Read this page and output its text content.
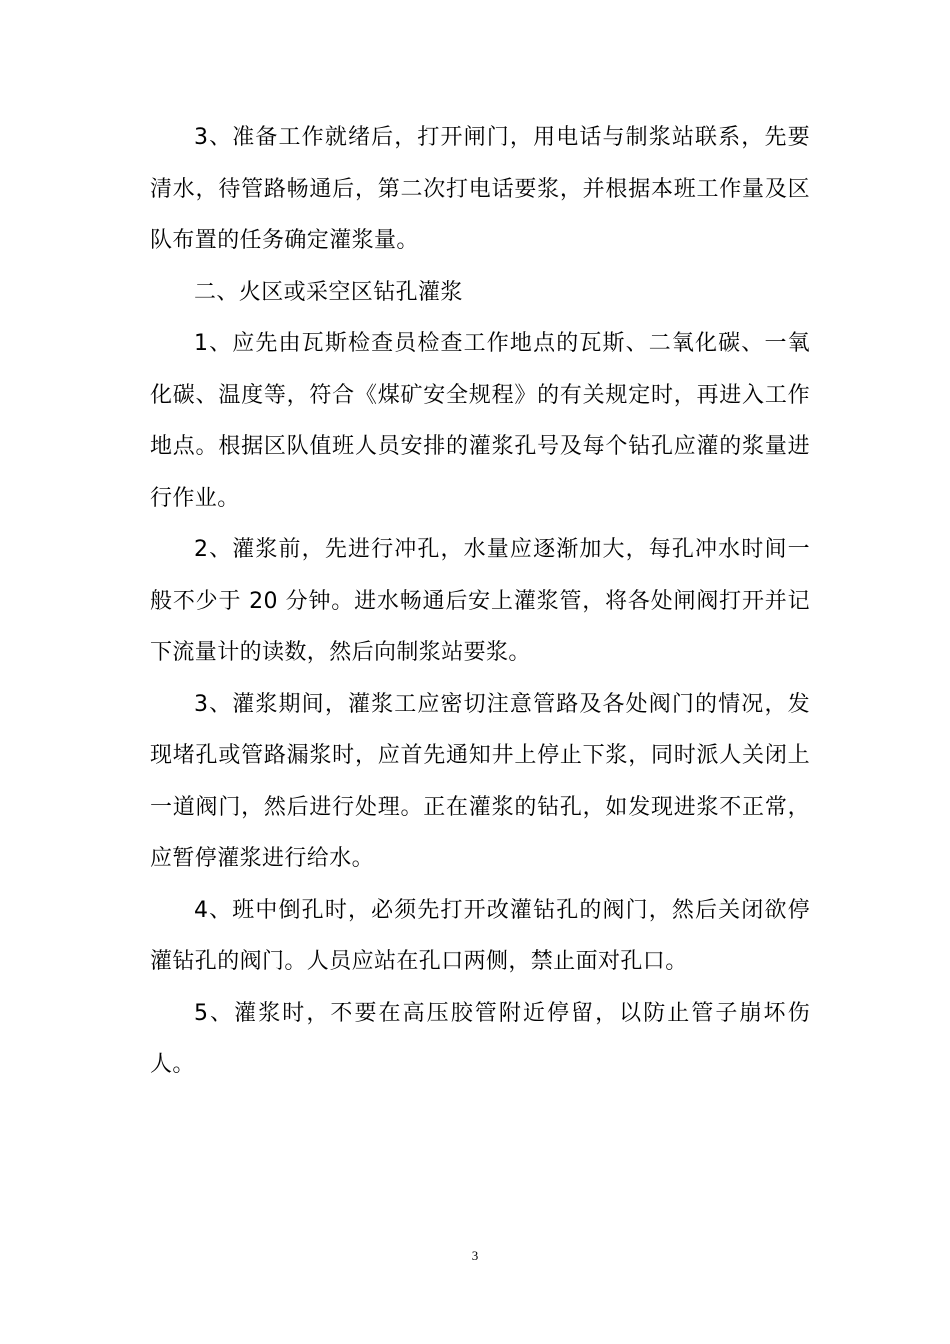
3、准备工作就绪后，打开闸门，用电话与制浆站联系，先要清水，待管路畅通后，第二次打电话要浆，并根据本班工作量及区队布置的任务确定灌浆量。

二、火区或采空区钻孔灌浆

1、应先由瓦斯检查员检查工作地点的瓦斯、二氧化碳、一氧化碳、温度等，符合《煤矿安全规程》的有关规定时，再进入工作地点。根据区队值班人员安排的灌浆孔号及每个钻孔应灌的浆量进行作业。

2、灌浆前，先进行冲孔，水量应逐渐加大，每孔冲水时间一般不少于 20 分钟。进水畅通后安上灌浆管，将各处闸阀打开并记下流量计的读数，然后向制浆站要浆。

3、灌浆期间，灌浆工应密切注意管路及各处阀门的情况，发现堵孔或管路漏浆时，应首先通知井上停止下浆，同时派人关闭上一道阀门，然后进行处理。正在灌浆的钻孔，如发现进浆不正常，应暂停灌浆进行给水。

4、班中倒孔时，必须先打开改灌钻孔的阀门，然后关闭欲停灌钻孔的阀门。人员应站在孔口两侧，禁止面对孔口。

5、灌浆时，不要在高压胶管附近停留，以防止管子崩坏伤人。

3
